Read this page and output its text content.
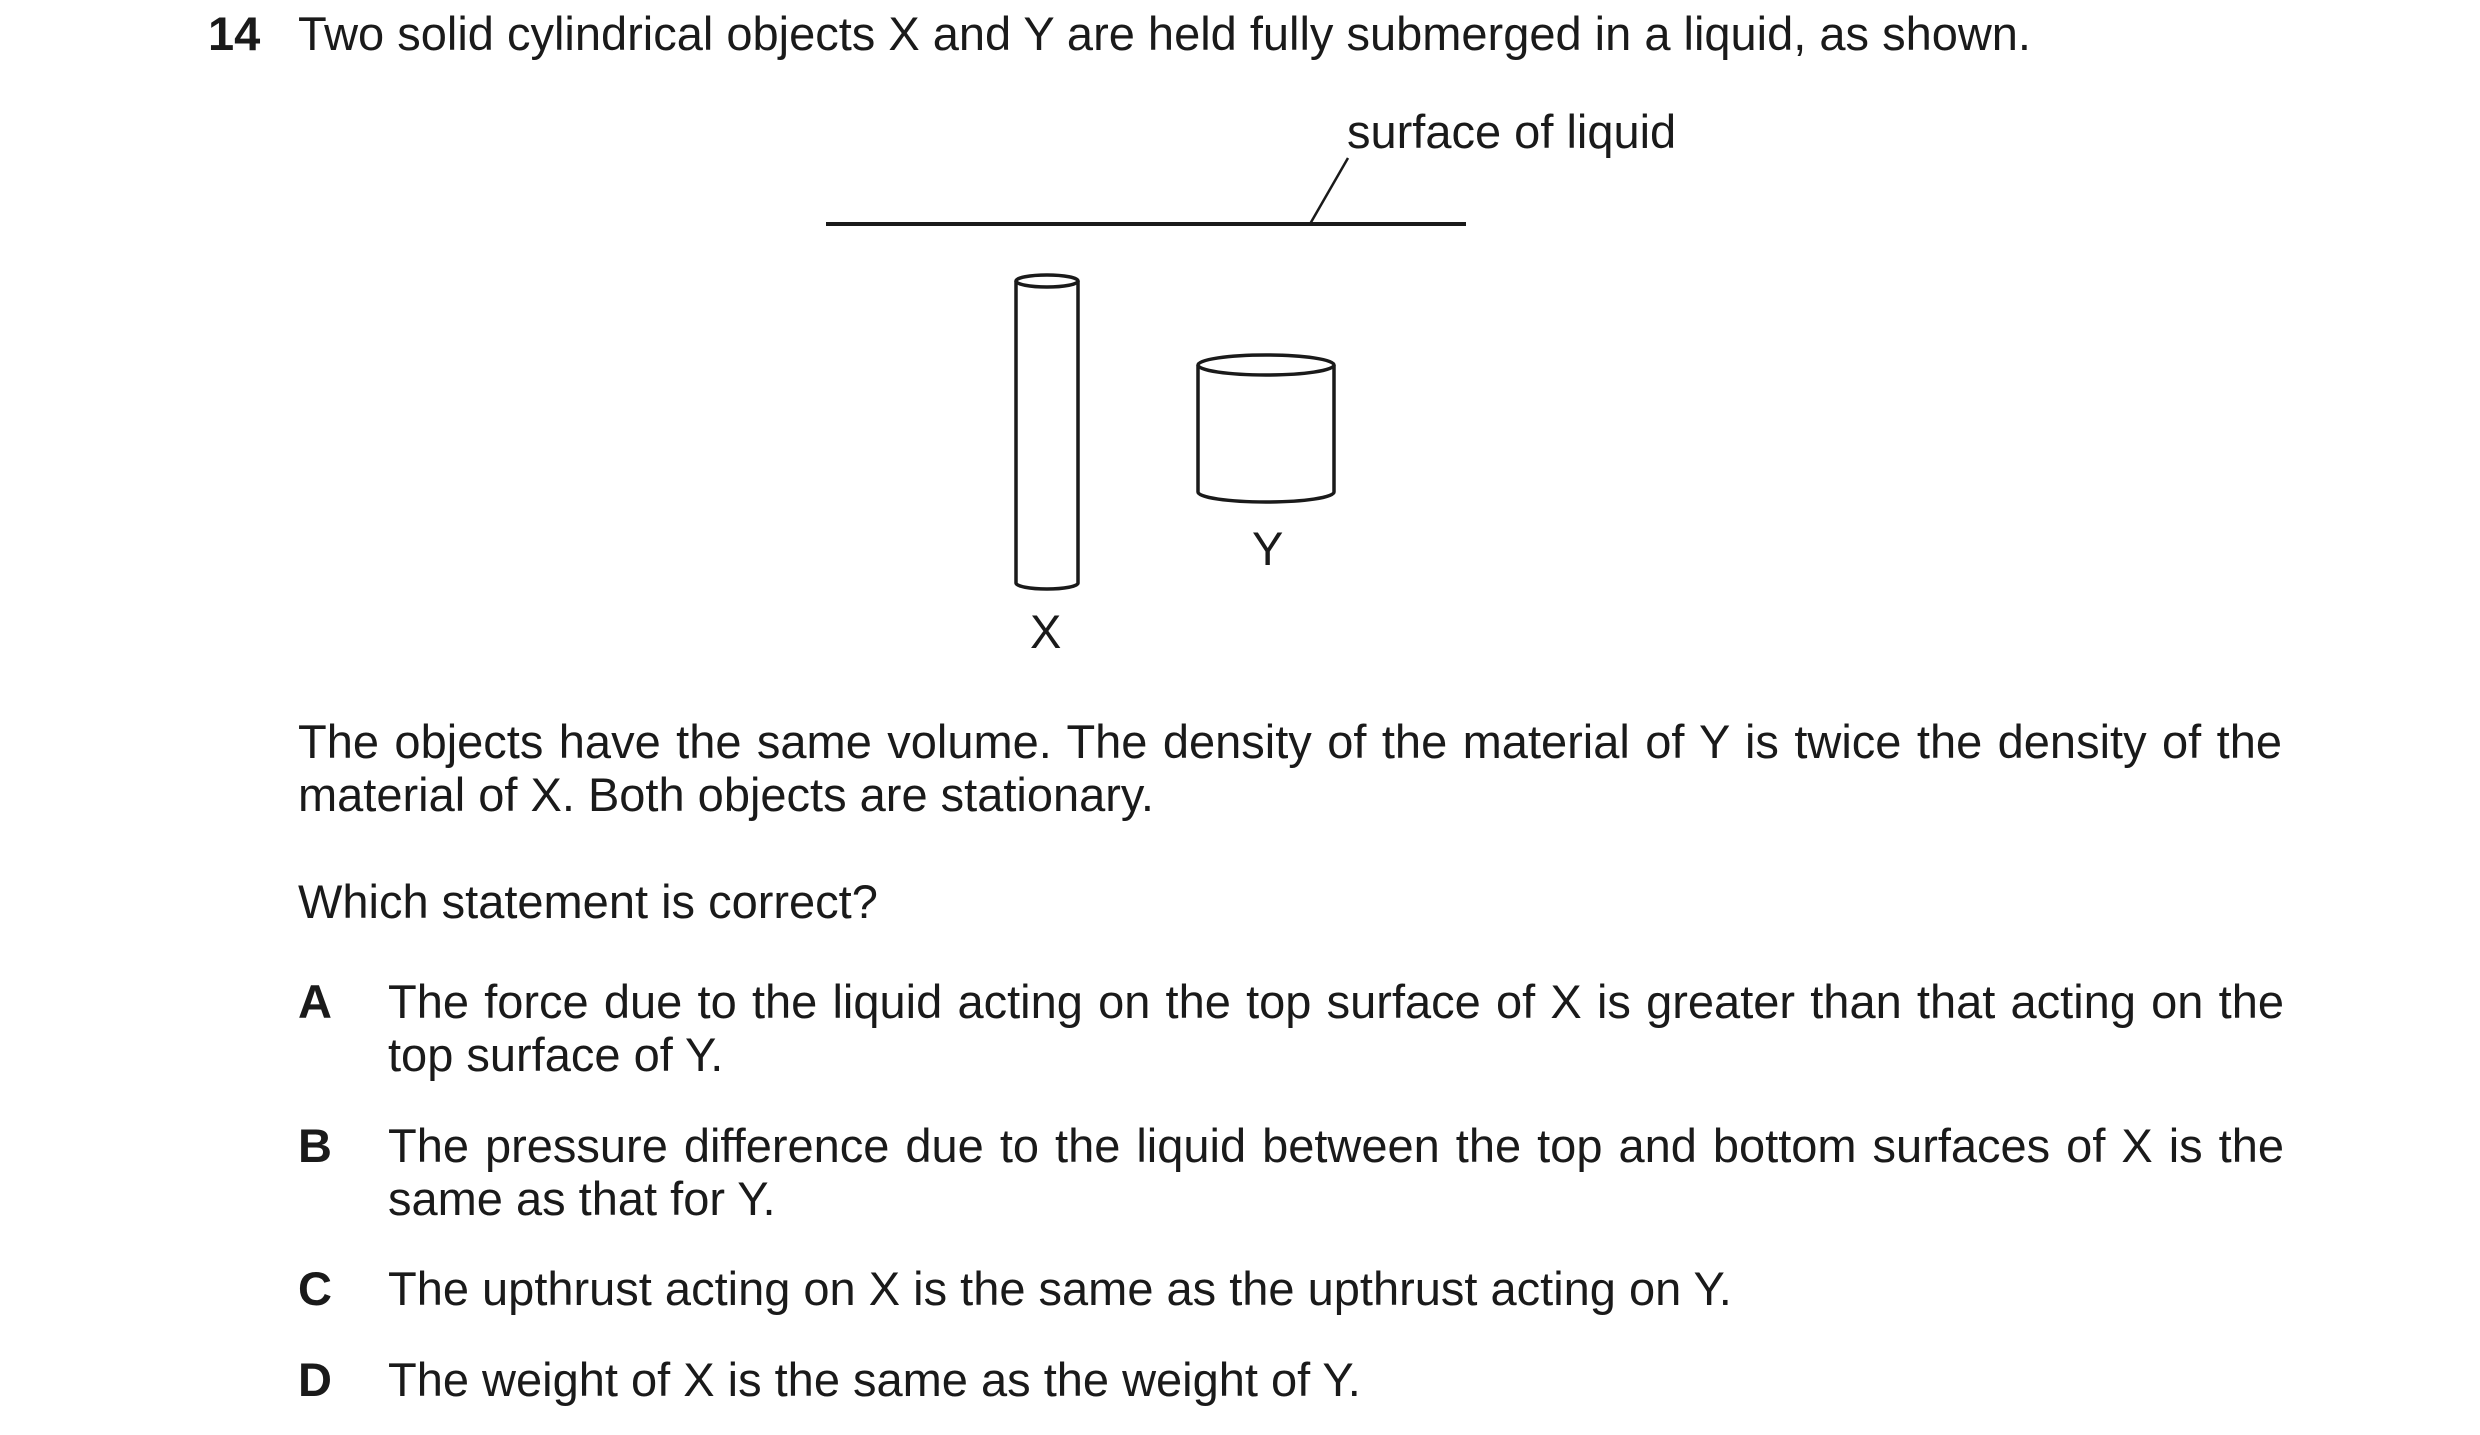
14 Two solid cylindrical objects X and Y are held fully submerged in a liquid, as shown.
surface of liquid
X
Y
The objects have the same volume. The density of the material of Y is twice the density of the material of X. Both objects are stationary.
Which statement is correct?
A The force due to the liquid acting on the top surface of X is greater than that acting on the top surface of Y.
B The pressure difference due to the liquid between the top and bottom surfaces of X is the same as that for Y.
C The upthrust acting on X is the same as the upthrust acting on Y.
D The weight of X is the same as the weight of Y.
